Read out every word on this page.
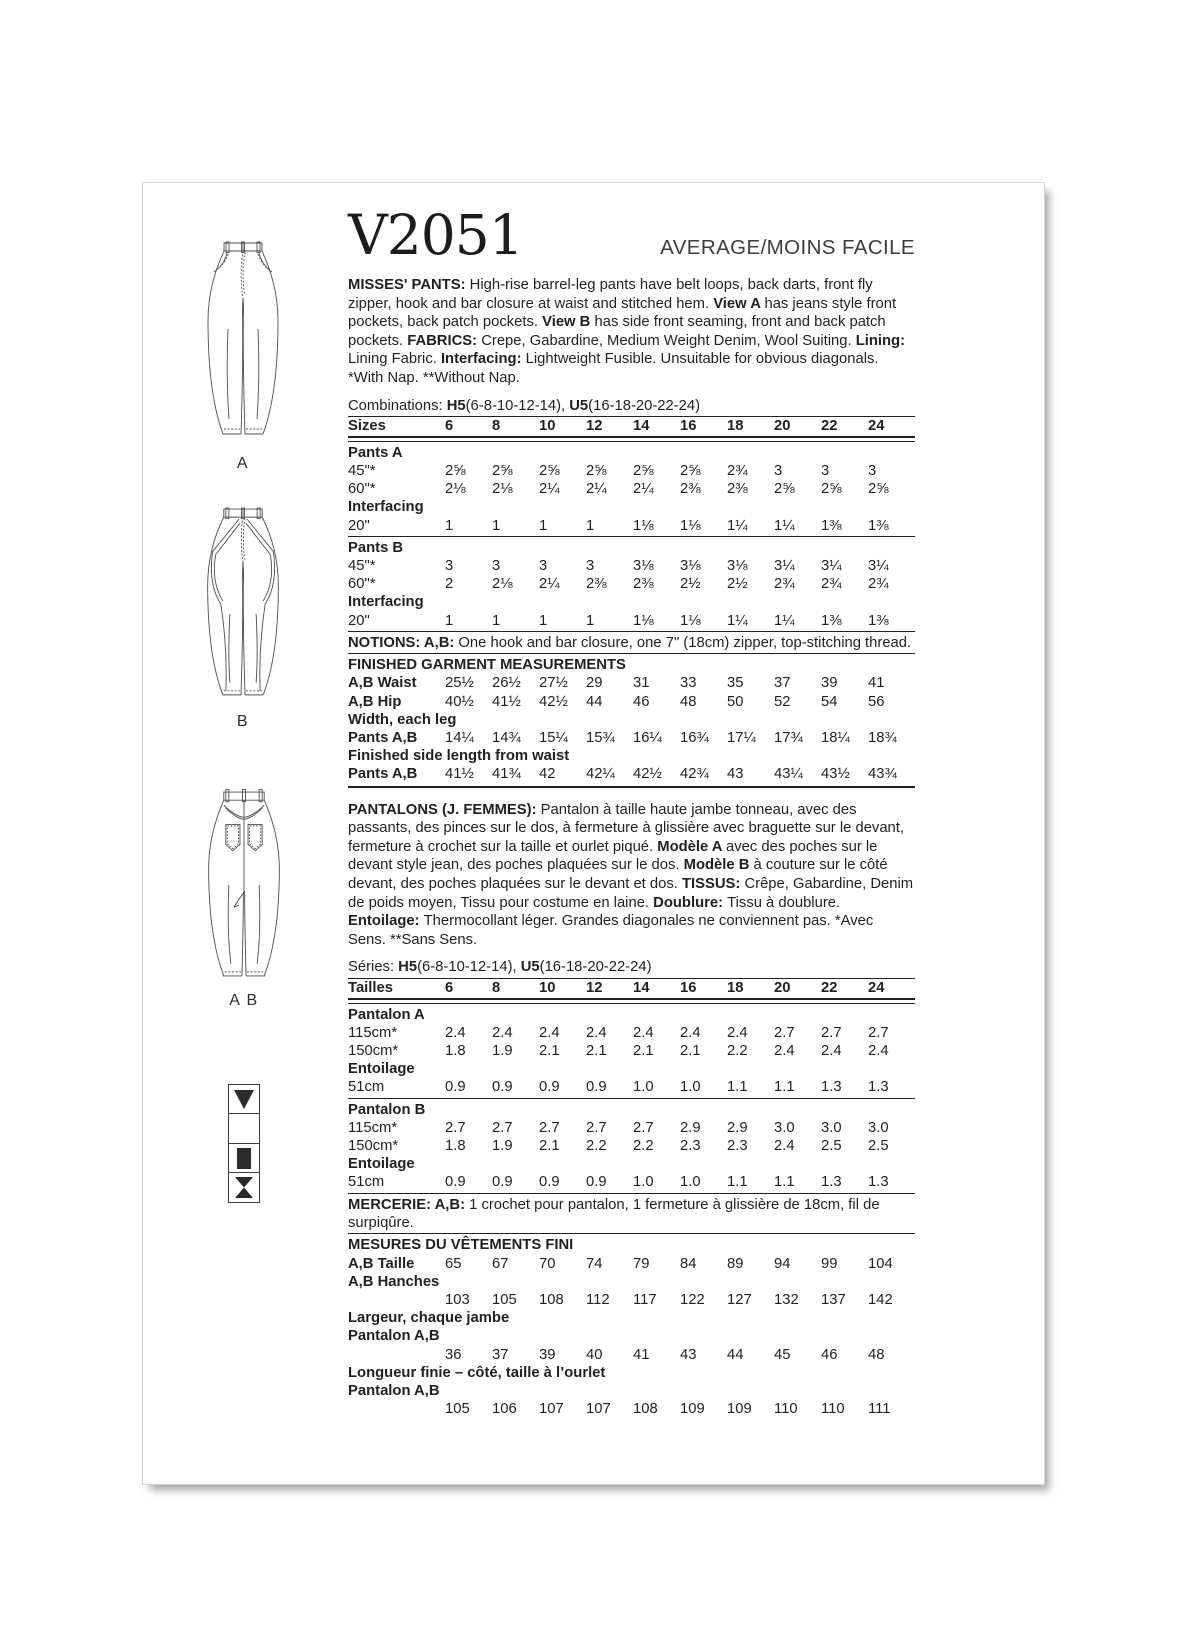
A
B
A B
V2051	AVERAGE/MOINS FACILE
MISSES' PANTS: High-rise barrel-leg pants have belt loops, back darts, front fly zipper, hook and bar closure at waist and stitched hem. View A has jeans style front pockets, back patch pockets. View B has side front seaming, front and back patch pockets. FABRICS: Crepe, Gabardine, Medium Weight Denim, Wool Suiting. Lining: Lining Fabric. Interfacing: Lightweight Fusible. Unsuitable for obvious diagonals. *With Nap. **Without Nap.
Combinations: H5(6-8-10-12-14), U5(16-18-20-22-24)
Sizes	6	8	10	12	14	16	18	20	22	24
Pants A
45"*	2⅝	2⅝	2⅝	2⅝	2⅝	2⅝	2¾	3	3	3
60"*	2⅛	2⅛	2¼	2¼	2¼	2⅜	2⅜	2⅝	2⅝	2⅝
Interfacing
20"	1	1	1	1	1⅛	1⅛	1¼	1¼	1⅜	1⅜
Pants B
45"*	3	3	3	3	3⅛	3⅛	3⅛	3¼	3¼	3¼
60"*	2	2⅛	2¼	2⅜	2⅜	2½	2½	2¾	2¾	2¾
Interfacing
20"	1	1	1	1	1⅛	1⅛	1¼	1¼	1⅜	1⅜
NOTIONS: A,B: One hook and bar closure, one 7" (18cm) zipper, top-stitching thread.
FINISHED GARMENT MEASUREMENTS
A,B Waist	25½	26½	27½	29	31	33	35	37	39	41
A,B Hip	40½	41½	42½	44	46	48	50	52	54	56
Width, each leg
Pants A,B	14¼	14¾	15¼	15¾	16¼	16¾	17¼	17¾	18¼	18¾
Finished side length from waist
Pants A,B	41½	41¾	42	42¼	42½	42¾	43	43¼	43½	43¾
PANTALONS (J. FEMMES): Pantalon à taille haute jambe tonneau, avec des passants, des pinces sur le dos, à fermeture à glissière avec braguette sur le devant, fermeture à crochet sur la taille et ourlet piqué. Modèle A avec des poches sur le devant style jean, des poches plaquées sur le dos. Modèle B à couture sur le côté devant, des poches plaquées sur le devant et dos. TISSUS: Crêpe, Gabardine, Denim de poids moyen, Tissu pour costume en laine. Doublure: Tissu à doublure. Entoilage: Thermocollant léger. Grandes diagonales ne conviennent pas. *Avec Sens. **Sans Sens.
Séries: H5(6-8-10-12-14), U5(16-18-20-22-24)
Tailles	6	8	10	12	14	16	18	20	22	24
Pantalon A
115cm*	2.4	2.4	2.4	2.4	2.4	2.4	2.4	2.7	2.7	2.7
150cm*	1.8	1.9	2.1	2.1	2.1	2.1	2.2	2.4	2.4	2.4
Entoilage
51cm	0.9	0.9	0.9	0.9	1.0	1.0	1.1	1.1	1.3	1.3
Pantalon B
115cm*	2.7	2.7	2.7	2.7	2.7	2.9	2.9	3.0	3.0	3.0
150cm*	1.8	1.9	2.1	2.2	2.2	2.3	2.3	2.4	2.5	2.5
Entoilage
51cm	0.9	0.9	0.9	0.9	1.0	1.0	1.1	1.1	1.3	1.3
MERCERIE: A,B: 1 crochet pour pantalon, 1 fermeture à glissière de 18cm, fil de surpiqûre.
MESURES DU VÊTEMENTS FINI
A,B Taille	65	67	70	74	79	84	89	94	99	104
A,B Hanches
103	105	108	112	117	122	127	132	137	142
Largeur, chaque jambe
Pantalon A,B
36	37	39	40	41	43	44	45	46	48
Longueur finie – côté, taille à l’ourlet
Pantalon A,B
105	106	107	107	108	109	109	110	110	111
